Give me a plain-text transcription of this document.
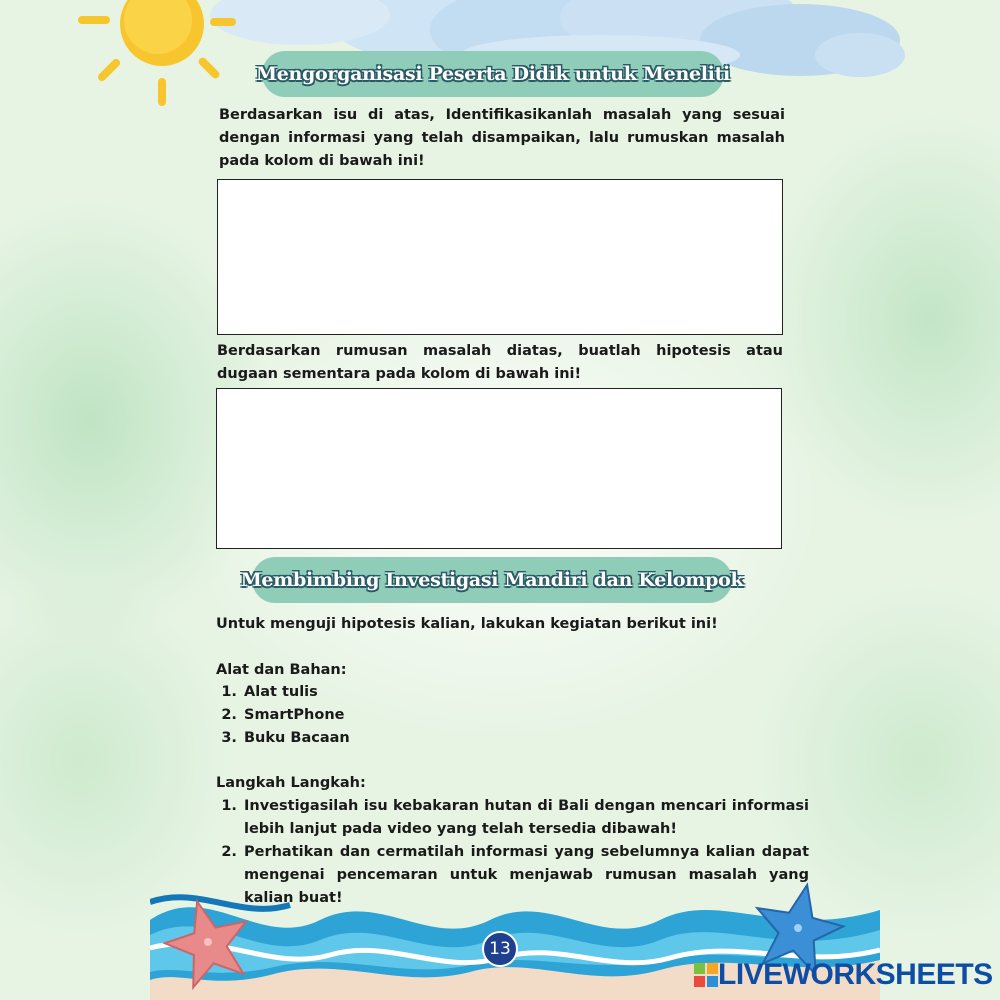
Mengorganisasi Peserta Didik untuk Meneliti
Berdasarkan isu di atas, Identifikasikanlah masalah yang sesuai dengan informasi yang telah disampaikan, lalu rumuskan masalah pada kolom di bawah ini!
Berdasarkan rumusan masalah diatas, buatlah hipotesis atau dugaan sementara pada kolom di bawah ini!
Membimbing Investigasi Mandiri dan Kelompok
Untuk menguji hipotesis kalian, lakukan kegiatan berikut ini!
Alat dan Bahan:
1. Alat tulis
2. SmartPhone
3. Buku Bacaan
Langkah Langkah:
1. Investigasilah isu kebakaran hutan di Bali dengan mencari informasi lebih lanjut pada video yang telah tersedia dibawah!
2. Perhatikan dan cermatilah informasi yang sebelumnya kalian dapat mengenai pencemaran untuk menjawab rumusan masalah yang kalian buat!
13
LIVEWORKSHEETS
